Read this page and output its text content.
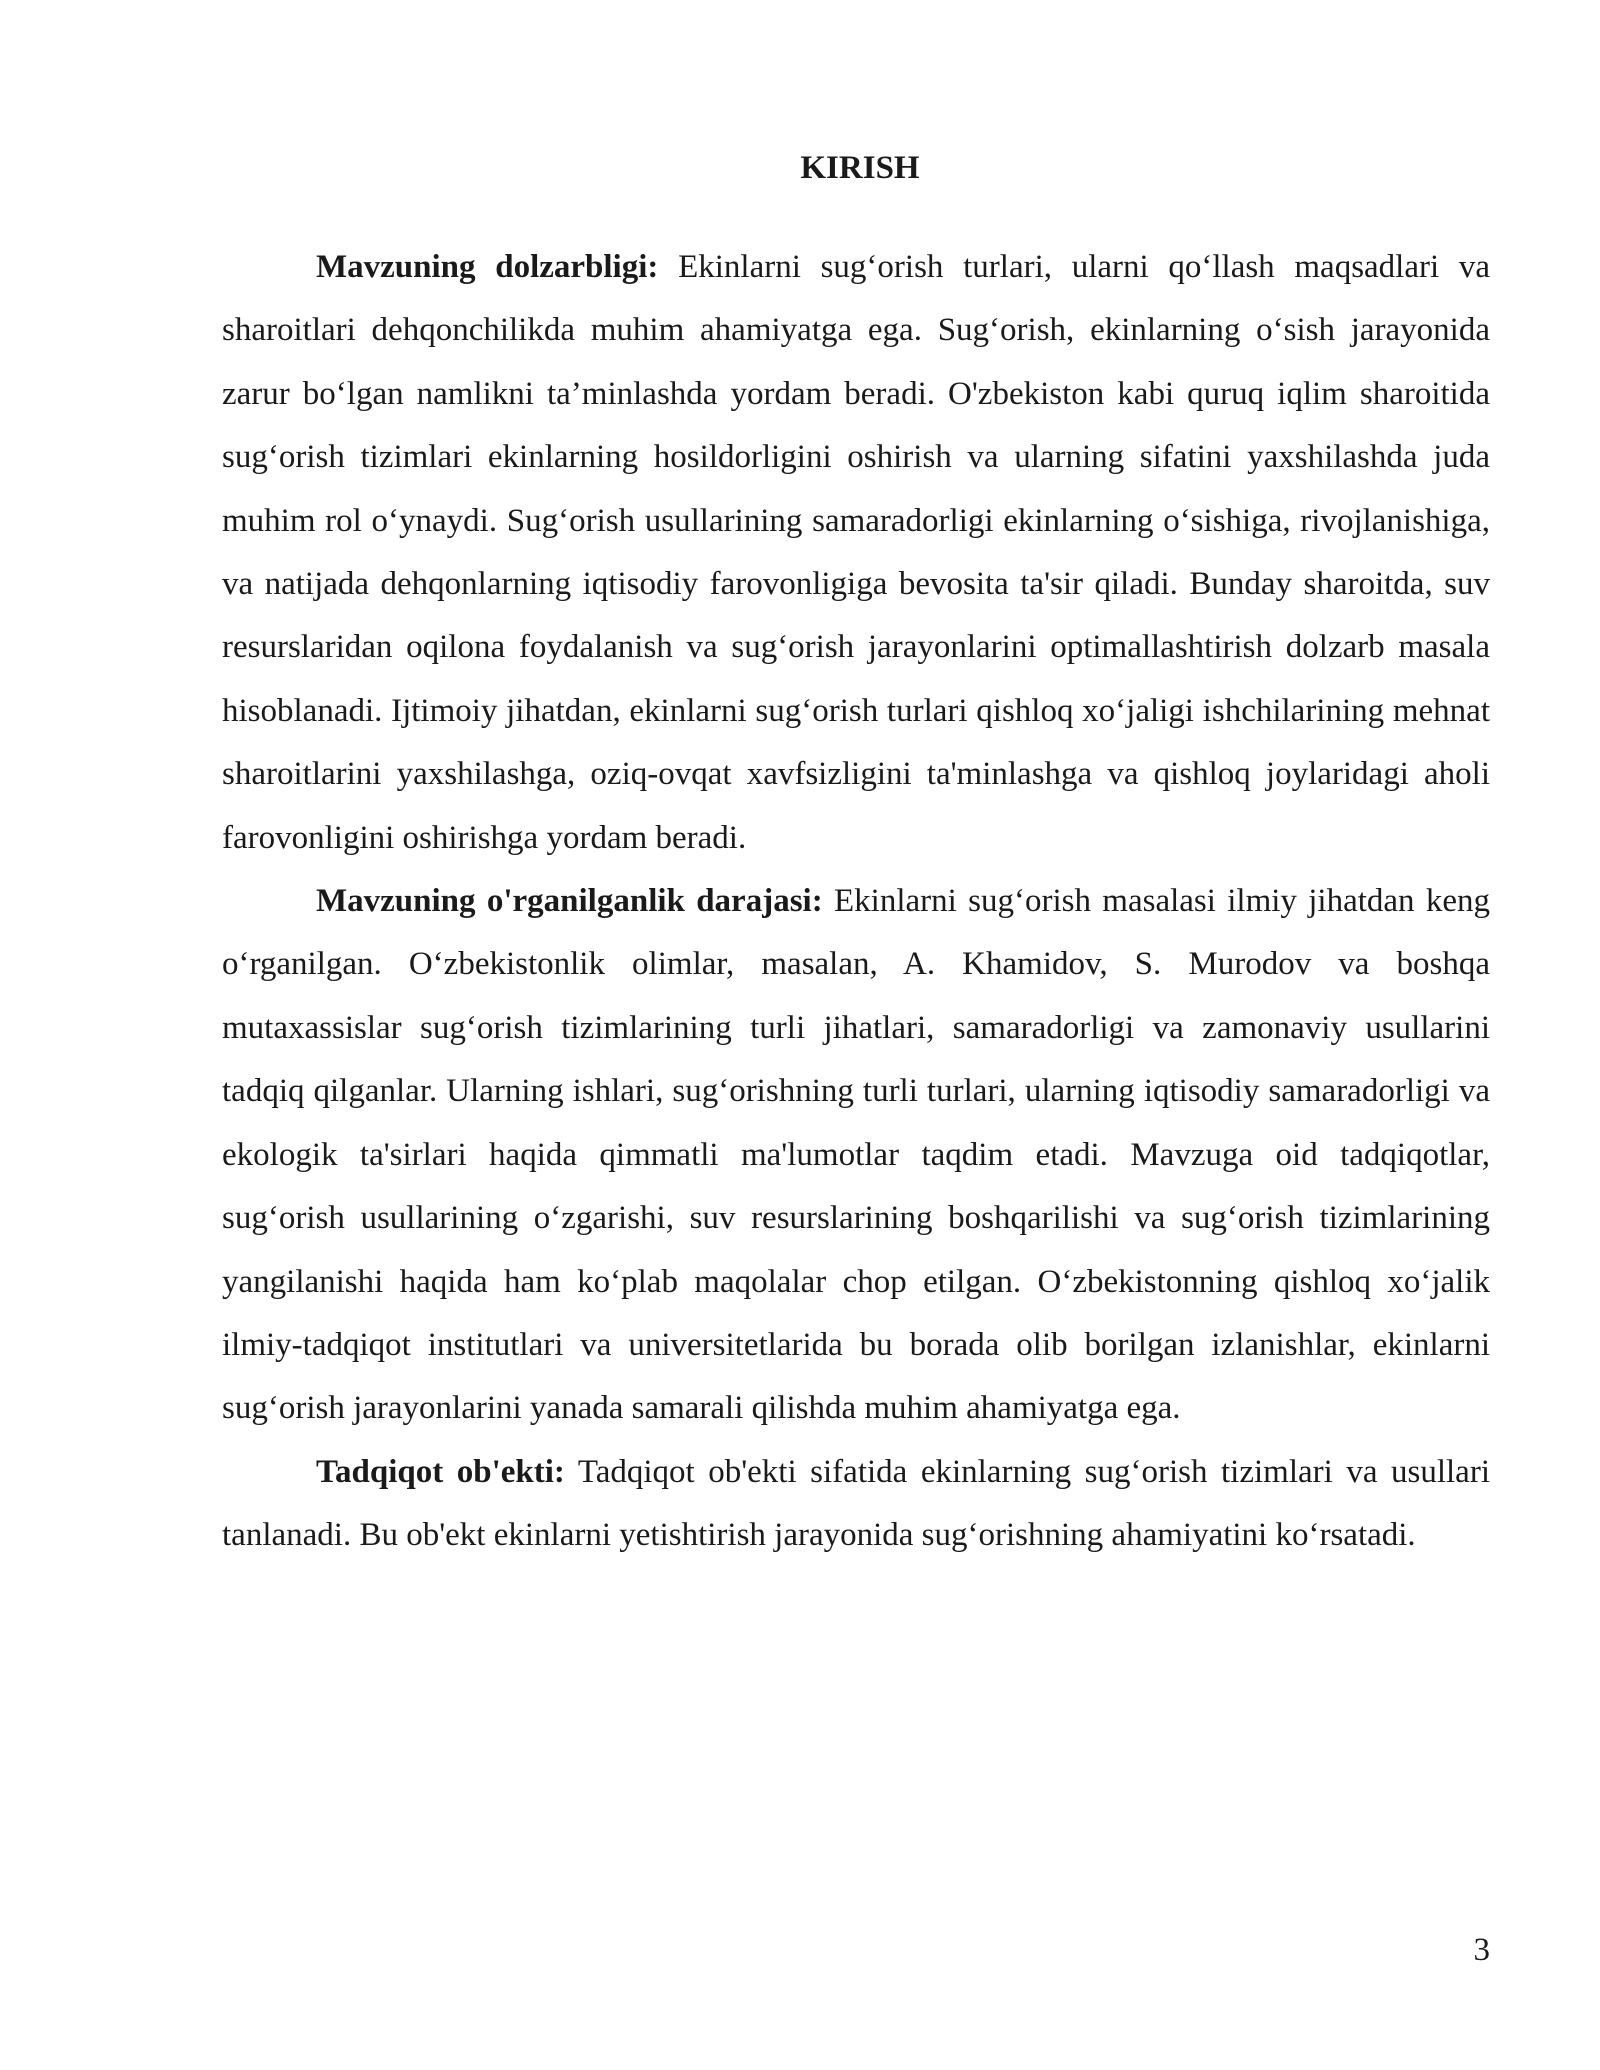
KIRISH

Mavzuning dolzarbligi: Ekinlarni sug‘orish turlari, ularni qo‘llash maqsadlari va sharoitlari dehqonchilikda muhim ahamiyatga ega. Sug‘orish, ekinlarning o‘sish jarayonida zarur bo‘lgan namlikni ta’minlashda yordam beradi. O'zbekiston kabi quruq iqlim sharoitida sug‘orish tizimlari ekinlarning hosildorligini oshirish va ularning sifatini yaxshilashda juda muhim rol o‘ynaydi. Sug‘orish usullarining samaradorligi ekinlarning o‘sishiga, rivojlanishiga, va natijada dehqonlarning iqtisodiy farovonligiga bevosita ta'sir qiladi. Bunday sharoitda, suv resurslaridan oqilona foydalanish va sug‘orish jarayonlarini optimallashtirish dolzarb masala hisoblanadi. Ijtimoiy jihatdan, ekinlarni sug‘orish turlari qishloq xo‘jaligi ishchilarining mehnat sharoitlarini yaxshilashga, oziq-ovqat xavfsizligini ta'minlashga va qishloq joylaridagi aholi farovonligini oshirishga yordam beradi.

Mavzuning o'rganilganlik darajasi: Ekinlarni sug‘orish masalasi ilmiy jihatdan keng o‘rganilgan. O‘zbekistonlik olimlar, masalan, A. Khamidov, S. Murodov va boshqa mutaxassislar sug‘orish tizimlarining turli jihatlari, samaradorligi va zamonaviy usullarini tadqiq qilganlar. Ularning ishlari, sug‘orishning turli turlari, ularning iqtisodiy samaradorligi va ekologik ta'sirlari haqida qimmatli ma'lumotlar taqdim etadi. Mavzuga oid tadqiqotlar, sug‘orish usullarining o‘zgarishi, suv resurslarining boshqarilishi va sug‘orish tizimlarining yangilanishi haqida ham ko‘plab maqolalar chop etilgan. O‘zbekistonning qishloq xo‘jalik ilmiy-tadqiqot institutlari va universitetlarida bu borada olib borilgan izlanishlar, ekinlarni sug‘orish jarayonlarini yanada samarali qilishda muhim ahamiyatga ega.

Tadqiqot ob'ekti: Tadqiqot ob'ekti sifatida ekinlarning sug‘orish tizimlari va usullari tanlanadi. Bu ob'ekt ekinlarni yetishtirish jarayonida sug‘orishning ahamiyatini ko‘rsatadi.

3
